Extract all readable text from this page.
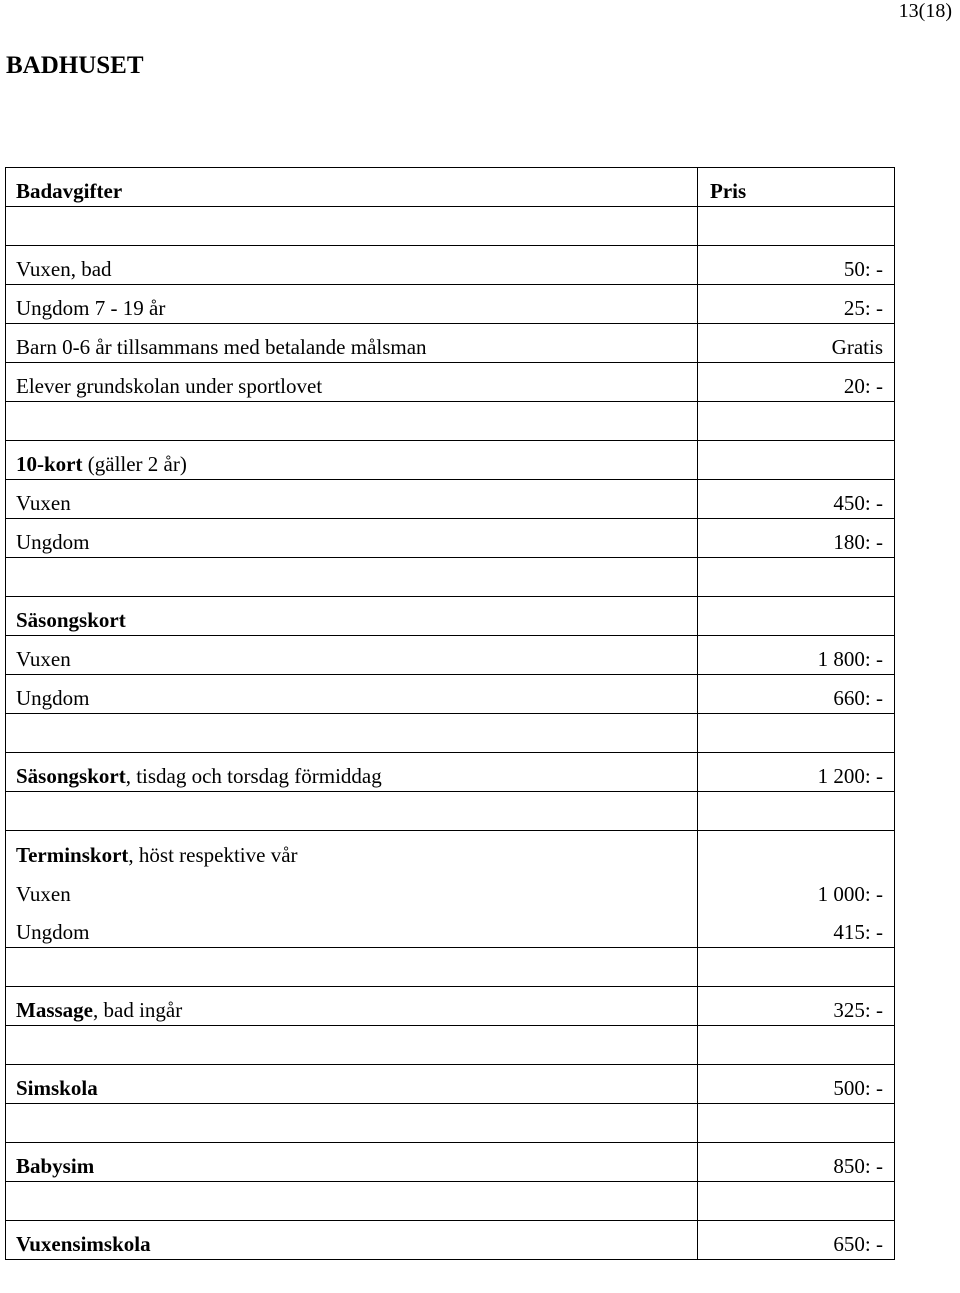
13(18)
BADHUSET
Badavgifter	Pris

Vuxen, bad	50: -
Ungdom 7 - 19 år	25: -
Barn 0-6 år tillsammans med betalande målsman	Gratis
Elever grundskolan under sportlovet	20: -

10-kort (gäller 2 år)	
Vuxen	450: -
Ungdom	180: -

Säsongskort	
Vuxen	1 800: -
Ungdom	660: -

Säsongskort, tisdag och torsdag förmiddag	1 200: -

Terminskort, höst respektive vår	
Vuxen	1 000: -
Ungdom	415: -

Massage, bad ingår	325: -

Simskola	500: -

Babysim	850: -

Vuxensimskola	650: -
